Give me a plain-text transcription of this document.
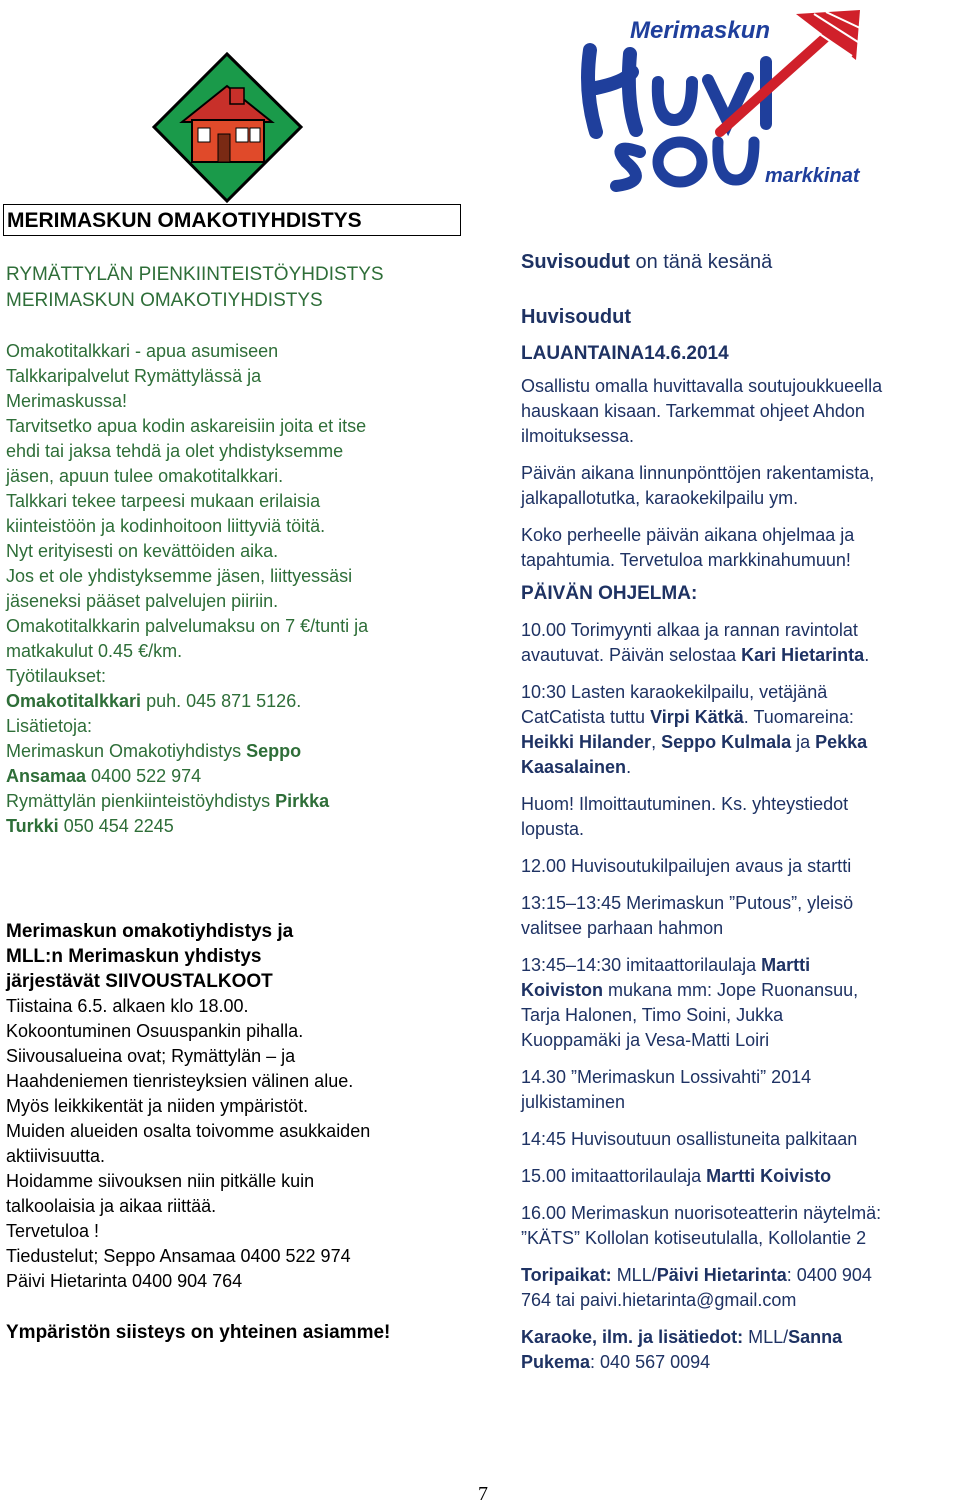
Merimaskun
markkinat
MERIMASKUN OMAKOTIYHDISTYS
RYMÄTTYLÄN PIENKIINTEISTÖYHDISTYS
MERIMASKUN OMAKOTIYHDISTYS
Omakotitalkkari - apua asumiseen
Talkkaripalvelut Rymättylässä ja
Merimaskussa!
Tarvitsetko apua kodin askareisiin joita et itse
ehdi tai jaksa tehdä ja olet yhdistyksemme
jäsen, apuun tulee omakotitalkkari.
Talkkari tekee tarpeesi mukaan erilaisia
kiinteistöön ja kodinhoitoon liittyviä töitä.
Nyt erityisesti on kevättöiden aika.
Jos et ole yhdistyksemme jäsen, liittyessäsi
jäseneksi pääset palvelujen piiriin.
Omakotitalkkarin palvelumaksu on 7 €/tunti ja
matkakulut 0.45 €/km.
Työtilaukset:
Omakotitalkkari puh. 045 871 5126.
Lisätietoja:
Merimaskun Omakotiyhdistys Seppo
Ansamaa 0400 522 974
Rymättylän pienkiinteistöyhdistys Pirkka
Turkki 050 454 2245
Merimaskun omakotiyhdistys ja
MLL:n Merimaskun yhdistys
järjestävät SIIVOUSTALKOOT
Tiistaina 6.5. alkaen klo 18.00.
Kokoontuminen Osuuspankin pihalla.
Siivousalueina ovat; Rymättylän – ja
Haahdeniemen tienristeyksien välinen alue.
Myös leikkikentät ja niiden ympäristöt.
Muiden alueiden osalta toivomme asukkaiden
aktiivisuutta.
Hoidamme siivouksen niin pitkälle kuin
talkoolaisia ja aikaa riittää.
Tervetuloa !
Tiedustelut; Seppo Ansamaa 0400 522 974
Päivi Hietarinta 0400 904 764
Ympäristön siisteys on yhteinen asiamme!
Suvisoudut on tänä kesänä
Huvisoudut
LAUANTAINA14.6.2014
Osallistu omalla huvittavalla soutujoukkueella
hauskaan kisaan. Tarkemmat ohjeet Ahdon
ilmoituksessa.
Päivän aikana linnunpönttöjen rakentamista,
jalkapallotutka, karaokekilpailu ym.
Koko perheelle päivän aikana ohjelmaa ja
tapahtumia. Tervetuloa markkinahumuun!
PÄIVÄN OHJELMA:
10.00 Torimyynti alkaa ja rannan ravintolat
avautuvat. Päivän selostaa Kari Hietarinta.
10:30 Lasten karaokekilpailu, vetäjänä
CatCatista tuttu Virpi Kätkä. Tuomareina:
Heikki Hilander, Seppo Kulmala ja Pekka
Kaasalainen.
Huom! Ilmoittautuminen. Ks. yhteystiedot
lopusta.
12.00 Huvisoutukilpailujen avaus ja startti
13:15–13:45 Merimaskun ”Putous”, yleisö
valitsee parhaan hahmon
13:45–14:30 imitaattorilaulaja Martti
Koiviston mukana mm: Jope Ruonansuu,
Tarja Halonen, Timo Soini, Jukka
Kuoppamäki ja Vesa-Matti Loiri
14.30 ”Merimaskun Lossivahti” 2014
julkistaminen
14:45 Huvisoutuun osallistuneita palkitaan
15.00 imitaattorilaulaja Martti Koivisto
16.00 Merimaskun nuorisoteatterin näytelmä:
”KÄTS” Kollolan kotiseutulalla, Kollolantie 2
Toripaikat: MLL/Päivi Hietarinta: 0400 904
764 tai paivi.hietarinta@gmail.com
Karaoke, ilm. ja lisätiedot: MLL/Sanna
Pukema: 040 567 0094
7
